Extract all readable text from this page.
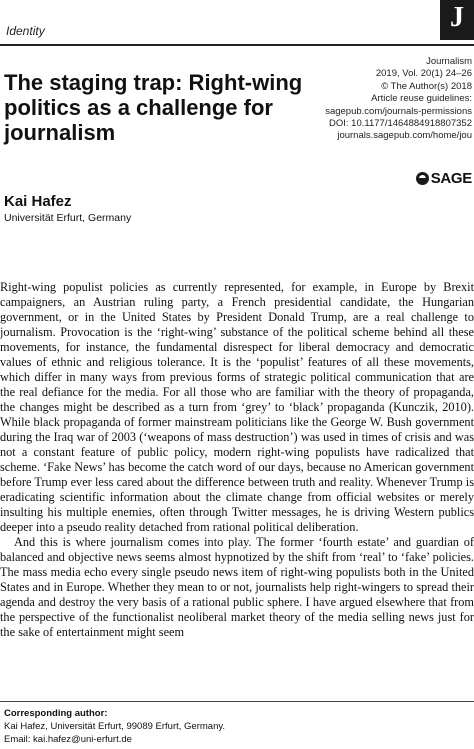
Identity	J
The staging trap: Right-wing politics as a challenge for journalism
Journalism
2019, Vol. 20(1) 24–26
© The Author(s) 2018
Article reuse guidelines:
sagepub.com/journals-permissions
DOI: 10.1177/1464884918807352
journals.sagepub.com/home/jou
SAGE
Kai Hafez
Universität Erfurt, Germany

Right-wing populist policies as currently represented, for example, in Europe by Brexit campaigners, an Austrian ruling party, a French presidential candidate, the Hungarian government, or in the United States by President Donald Trump, are a real challenge to journalism. Provocation is the ‘right-wing’ substance of the political scheme behind all these movements, for instance, the fundamental disrespect for liberal democracy and democratic values of ethnic and religious tolerance. It is the ‘populist’ features of all these movements, which differ in many ways from previous forms of strategic political communication that are the real defiance for the media. For all those who are familiar with the theory of propaganda, the changes might be described as a turn from ‘grey’ to ‘black’ propaganda (Kunczik, 2010). While black propaganda of former mainstream politicians like the George W. Bush government during the Iraq war of 2003 (‘weapons of mass destruction’) was used in times of crisis and was not a constant feature of public policy, modern right-wing populists have radicalized that scheme. ‘Fake News’ has become the catch word of our days, because no American government before Trump ever less cared about the difference between truth and reality. Whenever Trump is eradicating scientific information about the climate change from official websites or merely insulting his multiple enemies, often through Twitter messages, he is driving Western publics deeper into a pseudo reality detached from rational political deliberation.

And this is where journalism comes into play. The former ‘fourth estate’ and guardian of balanced and objective news seems almost hypnotized by the shift from ‘real’ to ‘fake’ policies. The mass media echo every single pseudo news item of right-wing populists both in the United States and in Europe. Whether they mean to or not, journalists help right-wingers to spread their agenda and destroy the very basis of a rational public sphere. I have argued elsewhere that from the perspective of the functionalist neoliberal market theory of the media selling news just for the sake of entertainment might seem

Corresponding author:
Kai Hafez, Universität Erfurt, 99089 Erfurt, Germany.
Email: kai.hafez@uni-erfurt.de
